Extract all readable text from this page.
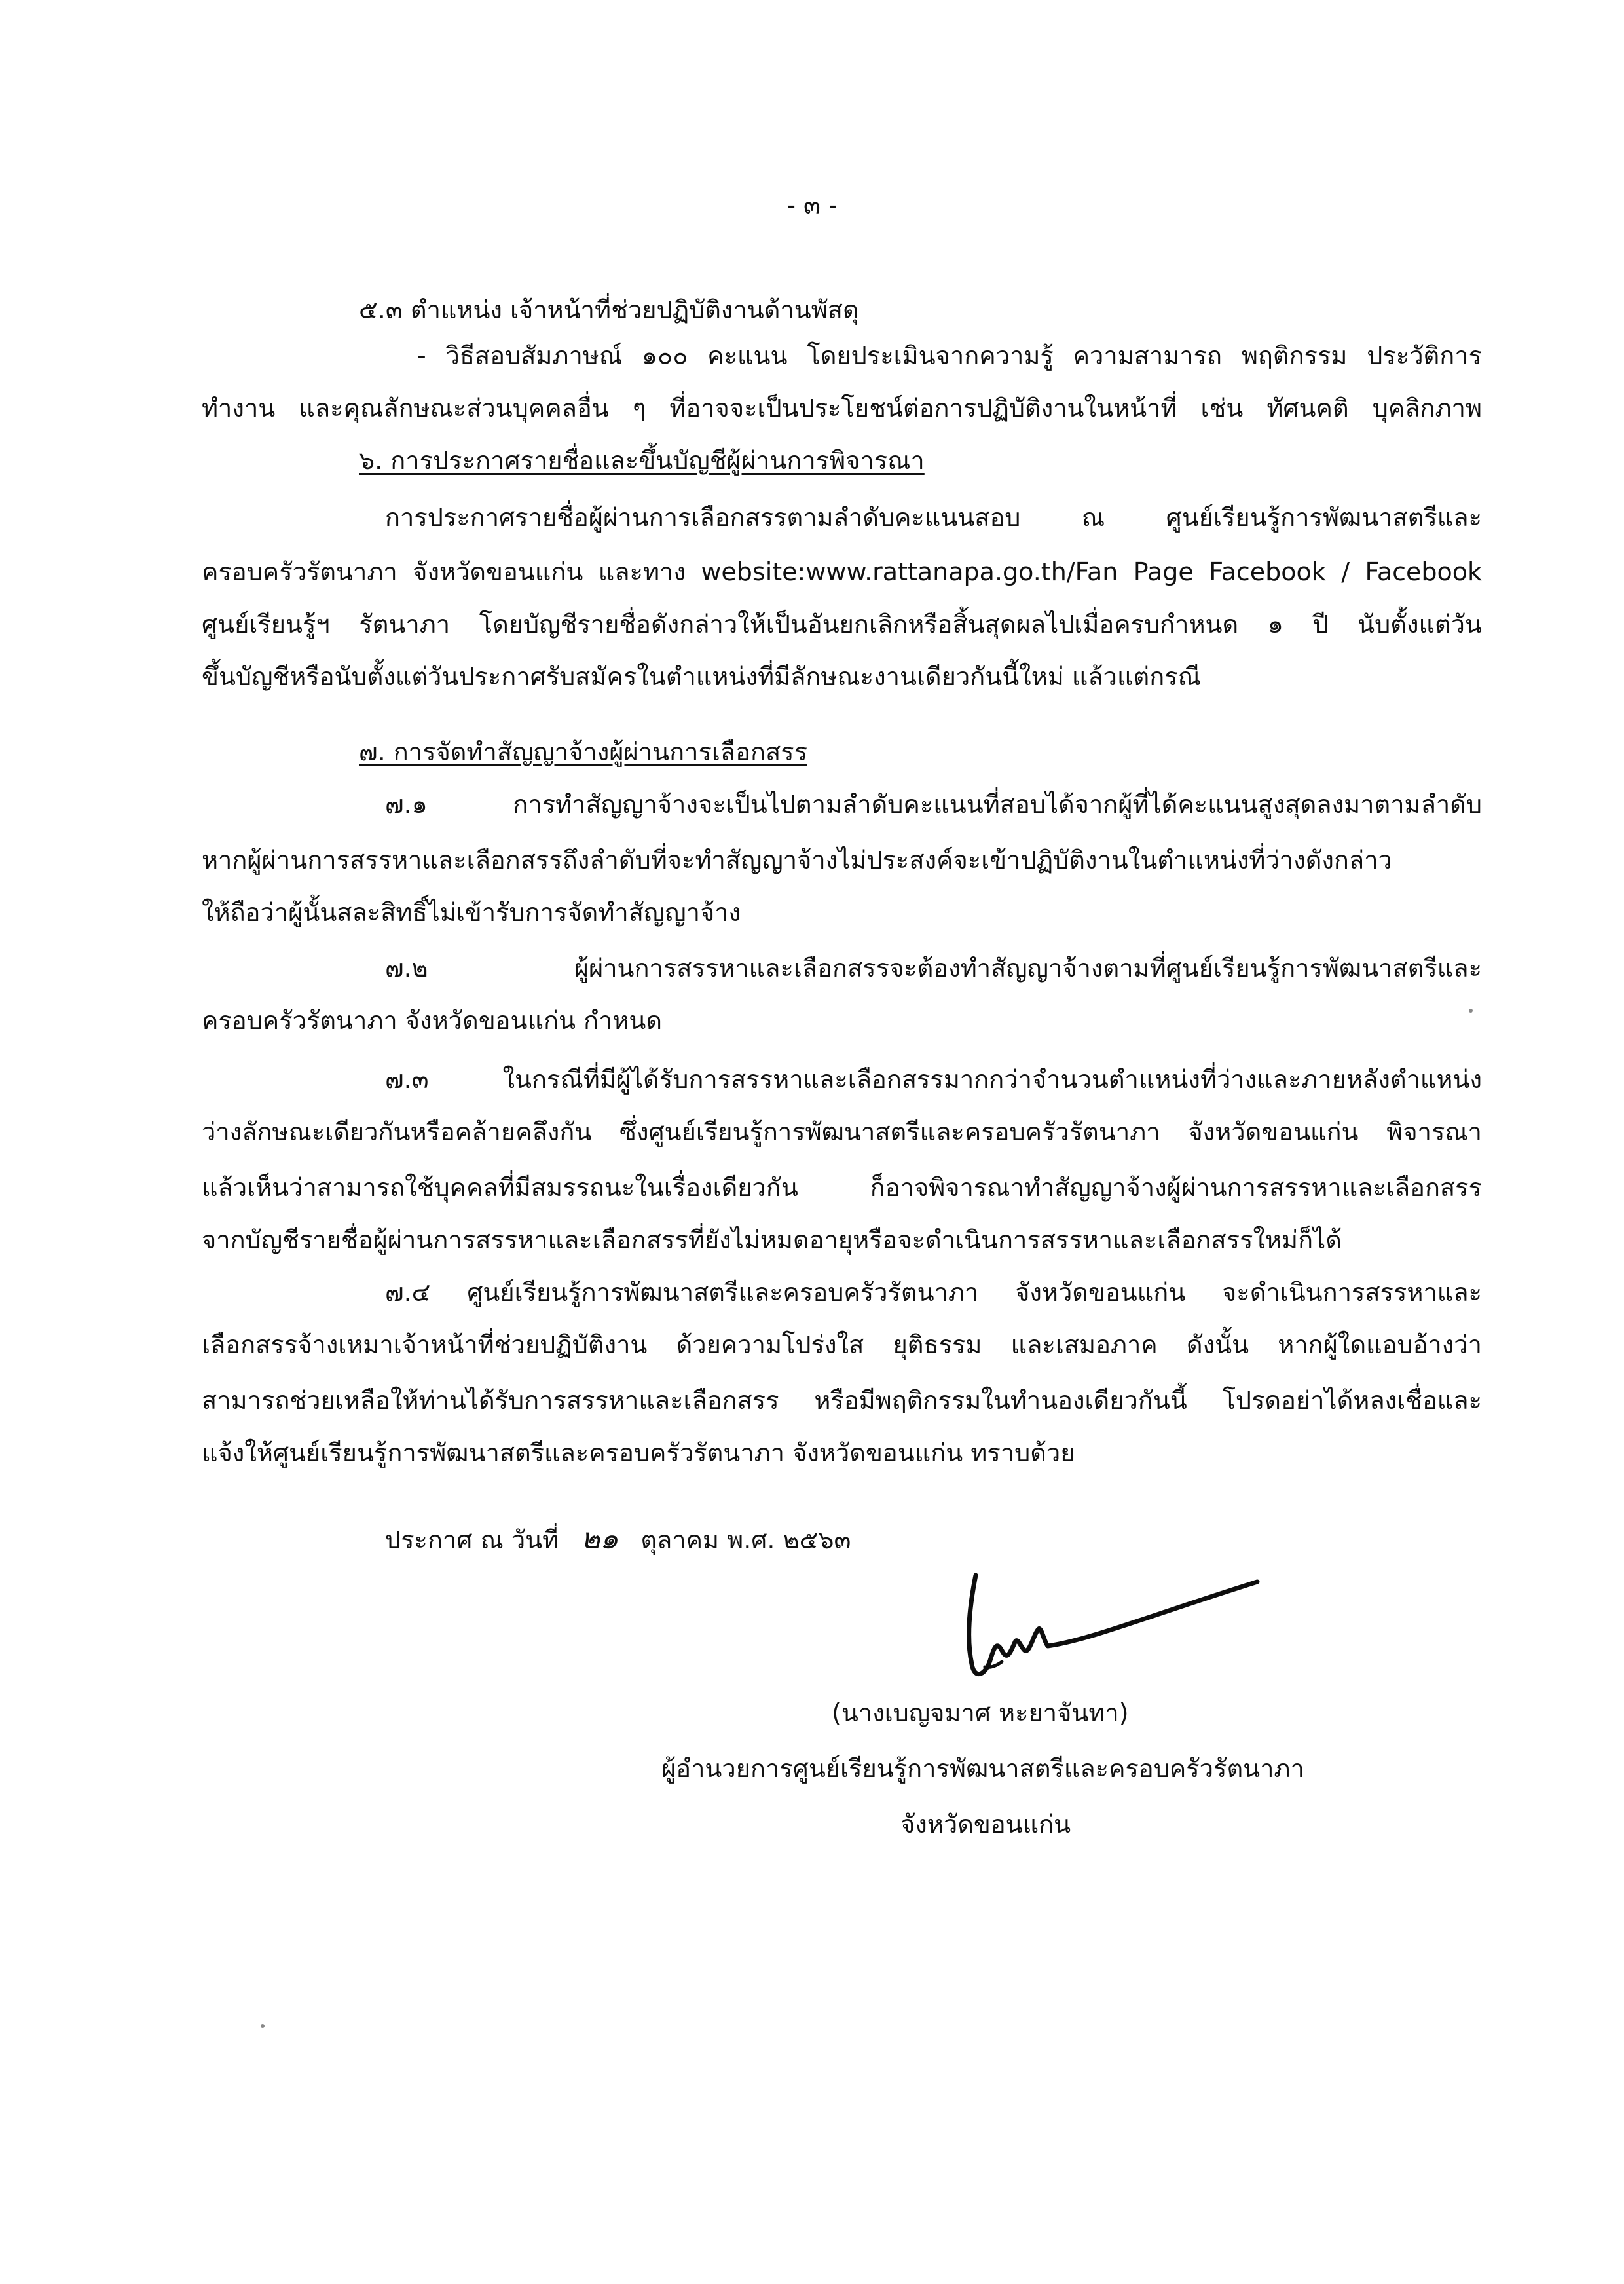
- ๓ -
๕.๓ ตำแหน่ง เจ้าหน้าที่ช่วยปฏิบัติงานด้านพัสดุ
- วิธีสอบสัมภาษณ์ ๑๐๐ คะแนน โดยประเมินจากความรู้ ความสามารถ พฤติกรรม ประวัติการ
ทำงาน และคุณลักษณะส่วนบุคคลอื่น ๆ ที่อาจจะเป็นประโยชน์ต่อการปฏิบัติงานในหน้าที่ เช่น ทัศนคติ บุคลิกภาพ
๖. การประกาศรายชื่อและขึ้นบัญชีผู้ผ่านการพิจารณา
การประกาศรายชื่อผู้ผ่านการเลือกสรรตามลำดับคะแนนสอบ ณ ศูนย์เรียนรู้การพัฒนาสตรีและ
ครอบครัวรัตนาภา จังหวัดขอนแก่น และทาง website:www.rattanapa.go.th/Fan Page Facebook / Facebook
ศูนย์เรียนรู้ฯ รัตนาภา โดยบัญชีรายชื่อดังกล่าวให้เป็นอันยกเลิกหรือสิ้นสุดผลไปเมื่อครบกำหนด ๑ ปี นับตั้งแต่วัน
ขึ้นบัญชีหรือนับตั้งแต่วันประกาศรับสมัครในตำแหน่งที่มีลักษณะงานเดียวกันนี้ใหม่ แล้วแต่กรณี
๗. การจัดทำสัญญาจ้างผู้ผ่านการเลือกสรร
๗.๑ การทำสัญญาจ้างจะเป็นไปตามลำดับคะแนนที่สอบได้จากผู้ที่ได้คะแนนสูงสุดลงมาตามลำดับ
หากผู้ผ่านการสรรหาและเลือกสรรถึงลำดับที่จะทำสัญญาจ้างไม่ประสงค์จะเข้าปฏิบัติงานในตำแหน่งที่ว่างดังกล่าว
ให้ถือว่าผู้นั้นสละสิทธิ์ไม่เข้ารับการจัดทำสัญญาจ้าง
๗.๒ ผู้ผ่านการสรรหาและเลือกสรรจะต้องทำสัญญาจ้างตามที่ศูนย์เรียนรู้การพัฒนาสตรีและ
ครอบครัวรัตนาภา จังหวัดขอนแก่น กำหนด
๗.๓ ในกรณีที่มีผู้ได้รับการสรรหาและเลือกสรรมากกว่าจำนวนตำแหน่งที่ว่างและภายหลังตำแหน่ง
ว่างลักษณะเดียวกันหรือคล้ายคลึงกัน ซึ่งศูนย์เรียนรู้การพัฒนาสตรีและครอบครัวรัตนาภา จังหวัดขอนแก่น พิจารณา
แล้วเห็นว่าสามารถใช้บุคคลที่มีสมรรถนะในเรื่องเดียวกัน ก็อาจพิจารณาทำสัญญาจ้างผู้ผ่านการสรรหาและเลือกสรร
จากบัญชีรายชื่อผู้ผ่านการสรรหาและเลือกสรรที่ยังไม่หมดอายุหรือจะดำเนินการสรรหาและเลือกสรรใหม่ก็ได้
๗.๔ ศูนย์เรียนรู้การพัฒนาสตรีและครอบครัวรัตนาภา จังหวัดขอนแก่น จะดำเนินการสรรหาและ
เลือกสรรจ้างเหมาเจ้าหน้าที่ช่วยปฏิบัติงาน ด้วยความโปร่งใส ยุติธรรม และเสมอภาค ดังนั้น หากผู้ใดแอบอ้างว่า
สามารถช่วยเหลือให้ท่านได้รับการสรรหาและเลือกสรร หรือมีพฤติกรรมในทำนองเดียวกันนี้ โปรดอย่าได้หลงเชื่อและ
แจ้งให้ศูนย์เรียนรู้การพัฒนาสตรีและครอบครัวรัตนาภา จังหวัดขอนแก่น ทราบด้วย
ประกาศ ณ วันที่ ๒๑ ตุลาคม พ.ศ. ๒๕๖๓
(นางเบญจมาศ หะยาจันทา)
ผู้อำนวยการศูนย์เรียนรู้การพัฒนาสตรีและครอบครัวรัตนาภา
จังหวัดขอนแก่น
